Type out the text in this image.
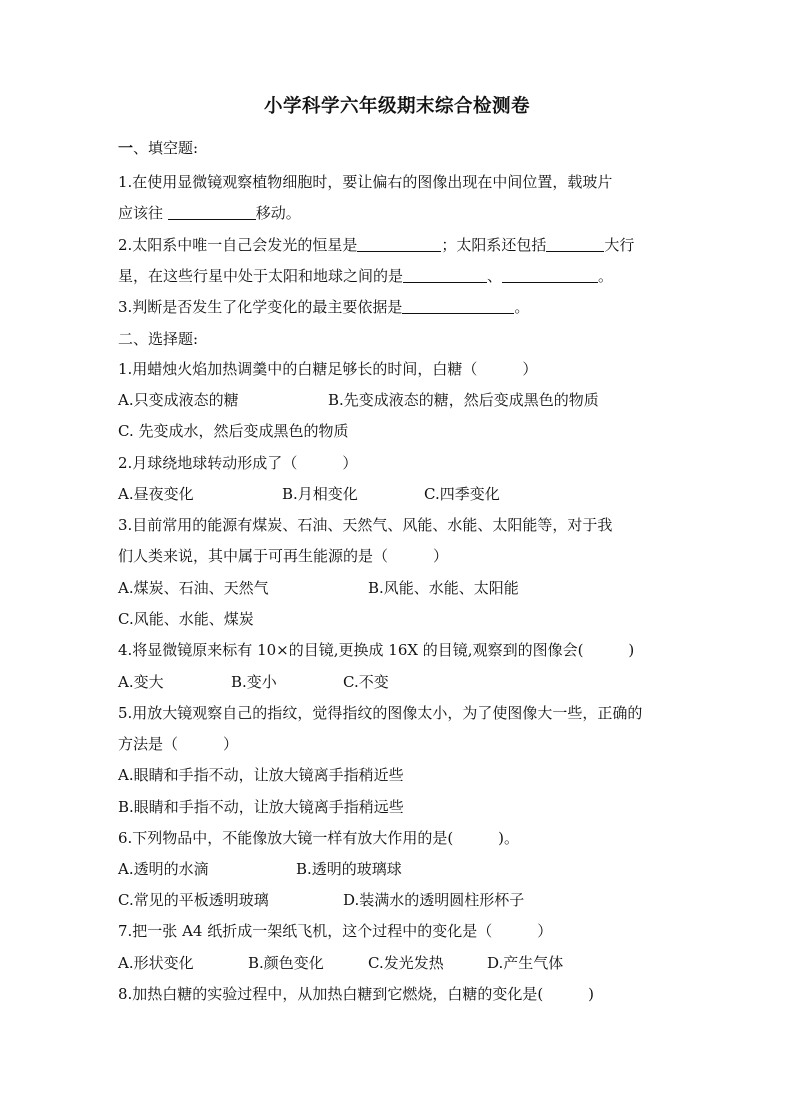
小学科学六年级期末综合检测卷
一、填空题:
1.在使用显微镜观察植物细胞时，要让偏右的图像出现在中间位置，载玻片
应该往	移动。
2.太阳系中唯一自己会发光的恒星是	；太阳系还包括	大行
星，在这些行星中处于太阳和地球之间的是	、	。
3.判断是否发生了化学变化的最主要依据是	。
二、选择题:
1.用蜡烛火焰加热调羹中的白糖足够长的时间，白糖（　　　）
A.只变成液态的糖	B.先变成液态的糖，然后变成黑色的物质
C. 先变成水，然后变成黑色的物质
2.月球绕地球转动形成了（　　　）
A.昼夜变化	B.月相变化	C.四季变化
3.目前常用的能源有煤炭、石油、天然气、风能、水能、太阳能等，对于我
们人类来说，其中属于可再生能源的是（　　　）
A.煤炭、石油、天然气	B.风能、水能、太阳能
C.风能、水能、煤炭
4.将显微镜原来标有 10×的目镜,更换成 16X 的目镜,观察到的图像会(　　　)
A.变大	B.变小	C.不变
5.用放大镜观察自己的指纹，觉得指纹的图像太小，为了使图像大一些，正确的
方法是（　　　）
A.眼睛和手指不动，让放大镜离手指稍近些
B.眼睛和手指不动，让放大镜离手指稍远些
6.下列物品中，不能像放大镜一样有放大作用的是(　　　)。
A.透明的水滴	B.透明的玻璃球
C.常见的平板透明玻璃	D.装满水的透明圆柱形杯子
7.把一张 A4 纸折成一架纸飞机，这个过程中的变化是（　　　）
A.形状变化	B.颜色变化	C.发光发热	D.产生气体
8.加热白糖的实验过程中，从加热白糖到它燃烧，白糖的变化是(　　　)
